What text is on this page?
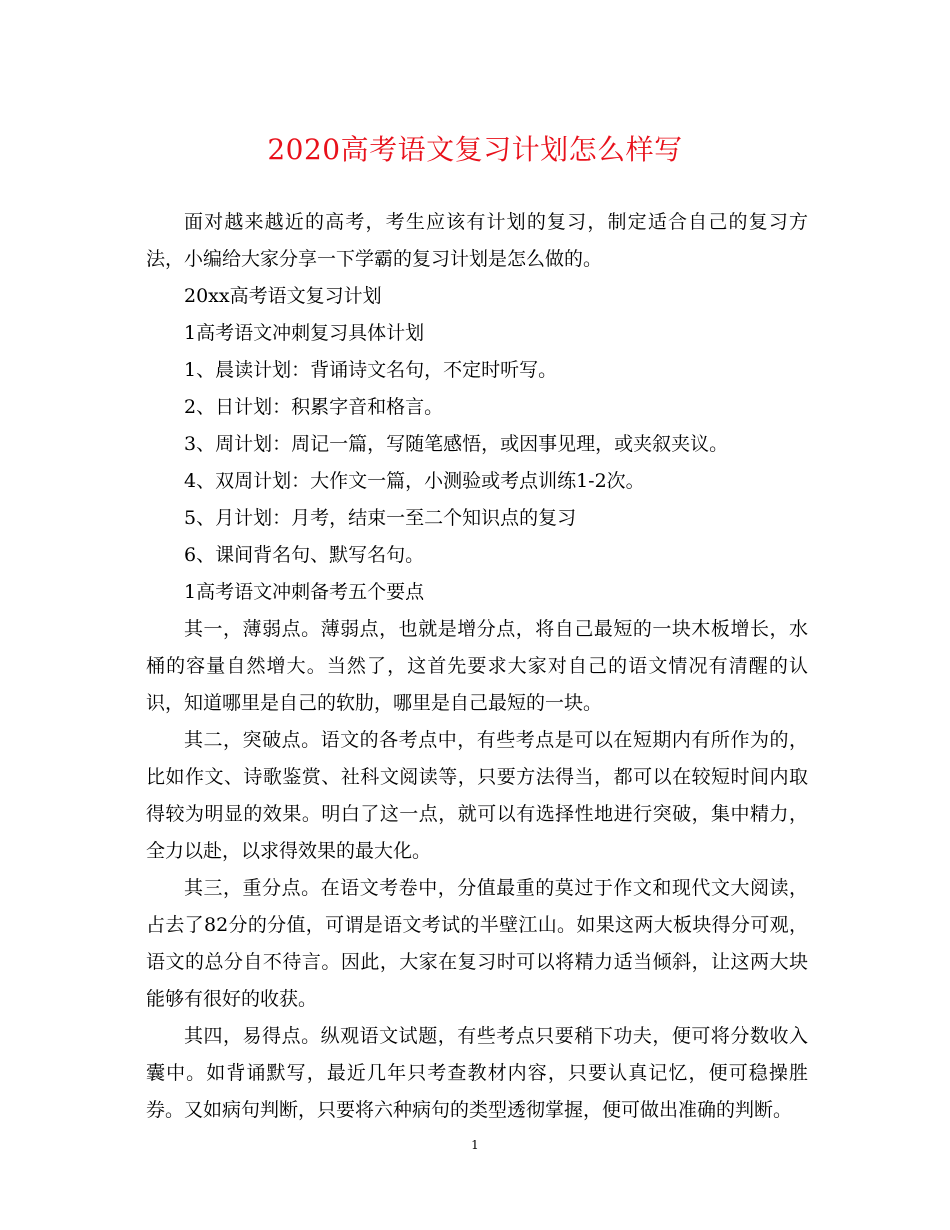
2020高考语文复习计划怎么样写

面对越来越近的高考，考生应该有计划的复习，制定适合自己的复习方法，小编给大家分享一下学霸的复习计划是怎么做的。

20xx高考语文复习计划

1高考语文冲刺复习具体计划

1、晨读计划：背诵诗文名句，不定时听写。

2、日计划：积累字音和格言。

3、周计划：周记一篇，写随笔感悟，或因事见理，或夹叙夹议。

4、双周计划：大作文一篇，小测验或考点训练1-2次。

5、月计划：月考，结束一至二个知识点的复习

6、课间背名句、默写名句。

1高考语文冲刺备考五个要点

其一，薄弱点。薄弱点，也就是增分点，将自己最短的一块木板增长，水桶的容量自然增大。当然了，这首先要求大家对自己的语文情况有清醒的认识，知道哪里是自己的软肋，哪里是自己最短的一块。

其二，突破点。语文的各考点中，有些考点是可以在短期内有所作为的，比如作文、诗歌鉴赏、社科文阅读等，只要方法得当，都可以在较短时间内取得较为明显的效果。明白了这一点，就可以有选择性地进行突破，集中精力，全力以赴，以求得效果的最大化。

其三，重分点。在语文考卷中，分值最重的莫过于作文和现代文大阅读，占去了82分的分值，可谓是语文考试的半壁江山。如果这两大板块得分可观，语文的总分自不待言。因此，大家在复习时可以将精力适当倾斜，让这两大块能够有很好的收获。

其四，易得点。纵观语文试题，有些考点只要稍下功夫，便可将分数收入囊中。如背诵默写，最近几年只考查教材内容，只要认真记忆，便可稳操胜券。又如病句判断，只要将六种病句的类型透彻掌握，便可做出准确的判断。

1
